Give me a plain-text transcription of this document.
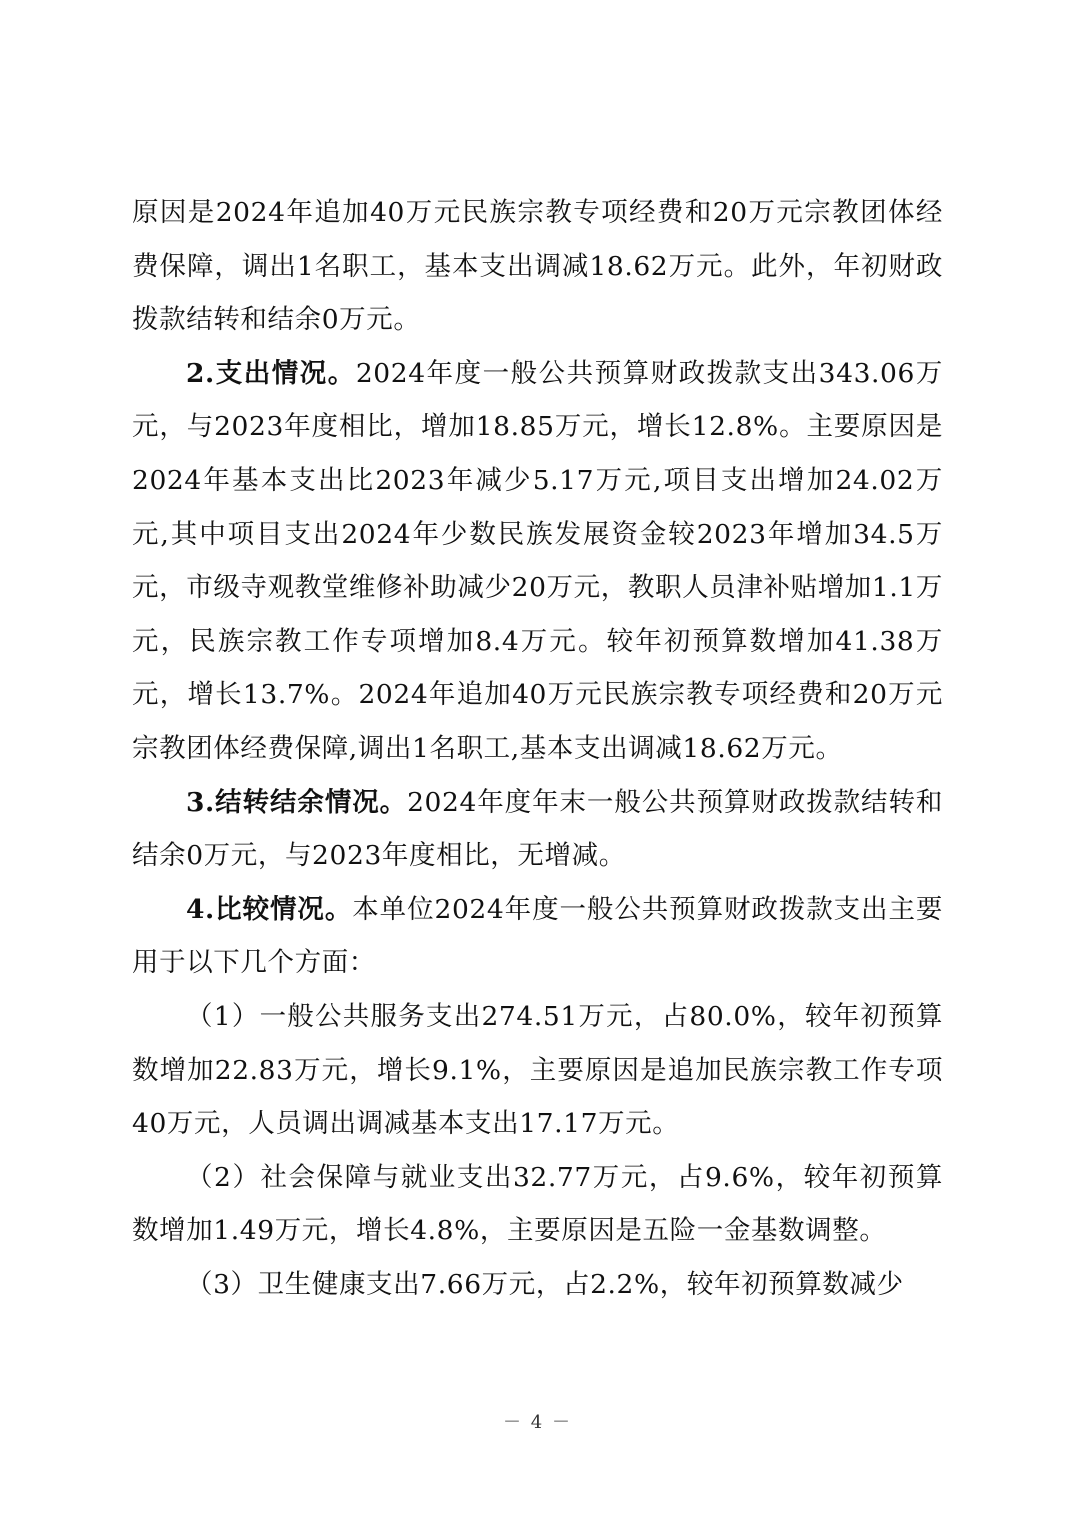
原因是2024年追加40万元民族宗教专项经费和20万元宗教团体经费保障，调出1名职工，基本支出调减18.62万元。此外，年初财政拨款结转和结余0万元。

2.支出情况。2024年度一般公共预算财政拨款支出343.06万元，与2023年度相比，增加18.85万元，增长12.8%。主要原因是2024年基本支出比2023年减少5.17万元,项目支出增加24.02万元,其中项目支出2024年少数民族发展资金较2023年增加34.5万元，市级寺观教堂维修补助减少20万元，教职人员津补贴增加1.1万元，民族宗教工作专项增加8.4万元。较年初预算数增加41.38万元，增长13.7%。2024年追加40万元民族宗教专项经费和20万元宗教团体经费保障,调出1名职工,基本支出调减18.62万元。

3.结转结余情况。2024年度年末一般公共预算财政拨款结转和结余0万元，与2023年度相比，无增减。

4.比较情况。本单位2024年度一般公共预算财政拨款支出主要用于以下几个方面：

（1）一般公共服务支出274.51万元，占80.0%，较年初预算数增加22.83万元，增长9.1%，主要原因是追加民族宗教工作专项40万元，人员调出调减基本支出17.17万元。

（2）社会保障与就业支出32.77万元，占9.6%，较年初预算数增加1.49万元，增长4.8%，主要原因是五险一金基数调整。

（3）卫生健康支出7.66万元，占2.2%，较年初预算数减少

－ 4 －
